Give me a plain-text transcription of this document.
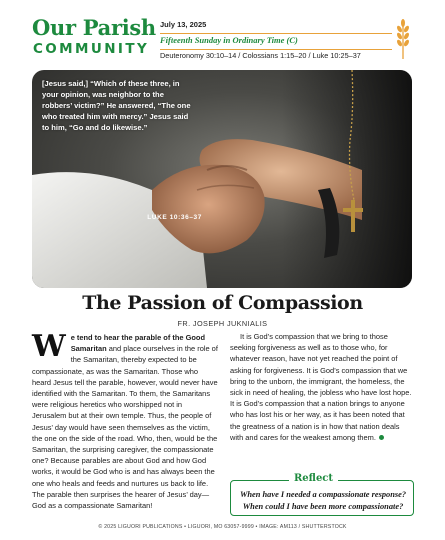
Our Parish
COMMUNITY
July 13, 2025
Fifteenth Sunday in Ordinary Time (C)
Deuteronomy 30:10–14 / Colossians 1:15–20 / Luke 10:25–37
[Jesus said,] “Which of these three, in your opinion, was neighbor to the robbers’ victim?” He answered, “The one who treated him with mercy.” Jesus said to him, “Go and do likewise.”
LUKE 10:36–37
The Passion of Compassion
FR. JOSEPH JUKNIALIS
We tend to hear the parable of the Good Samaritan and place ourselves in the role of the Samaritan, thereby expected to be compassionate, as was the Samaritan. Those who heard Jesus tell the parable, however, would never have identified with the Samaritan. To them, the Samaritans were religious heretics who worshipped not in Jerusalem but at their own temple. Thus, the people of Jesus’ day would have seen themselves as the victim, the one on the side of the road. Who, then, would be the Samaritan, the surprising caregiver, the compassionate one? Because parables are about God and how God works, it would be God who is and has always been the one who heals and feeds and nurtures us back to life. The parable then surprises the hearer of Jesus’ day—God as a compassionate Samaritan!
It is God’s compassion that we bring to those seeking forgiveness as well as to those who, for whatever reason, have not yet reached the point of asking for forgiveness. It is God’s compassion that we bring to the unborn, the immigrant, the homeless, the sick in need of healing, the jobless who have lost hope. It is God’s compassion that a nation brings to anyone who has lost his or her way, as it has been noted that the greatness of a nation is in how that nation deals with and cares for the weakest among them.
Reflect
When have I needed a compassionate response?
When could I have been more compassionate?
© 2025 LIGUORI PUBLICATIONS • LIGUORI, MO 63057-9999 • IMAGE: AM113 / SHUTTERSTOCK
